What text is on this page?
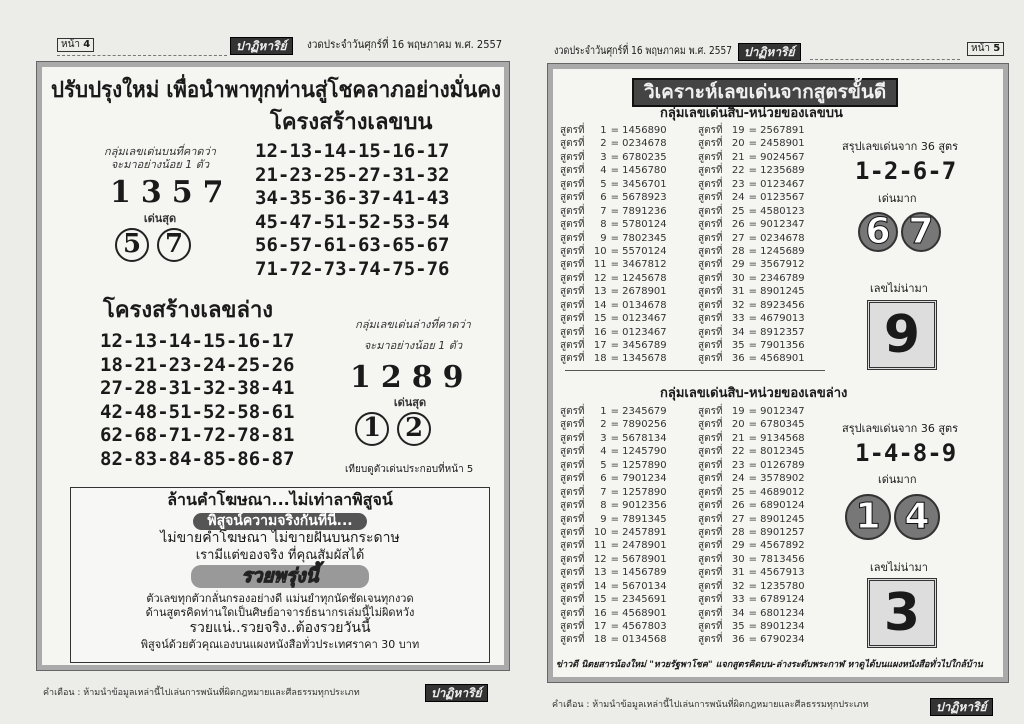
หน้า 4	ปาฏิหาริย์	งวดประจำวันศุกร์ที่ 16 พฤษภาคม พ.ศ. 2557
ปรับปรุงใหม่ เพื่อนำพาทุกท่านสู่โชคลาภอย่างมั่นคง
โครงสร้างเลขบน
กลุ่มเลขเด่นบนที่คาดว่า
จะมาอย่างน้อย 1 ตัว
1357
เด่นสุด
5 7
12-13-14-15-16-17
21-23-25-27-31-32
34-35-36-37-41-43
45-47-51-52-53-54
56-57-61-63-65-67
71-72-73-74-75-76
โครงสร้างเลขล่าง
12-13-14-15-16-17
18-21-23-24-25-26
27-28-31-32-38-41
42-48-51-52-58-61
62-68-71-72-78-81
82-83-84-85-86-87
กลุ่มเลขเด่นล่างที่คาดว่า
จะมาอย่างน้อย 1 ตัว
1289
เด่นสุด
1 2
เทียบดูตัวเด่นประกอบที่หน้า 5
ล้านคำโฆษณา...ไม่เท่าลาพิสูจน์
พิสูจน์ความจริงกันที่นี่...
ไม่ขายคำโฆษณา ไม่ขายฝันบนกระดาษ
เรามีแต่ของจริง ที่คุณสัมผัสได้
รวยพรุ่งนี้
ตัวเลขทุกตัวกลั่นกรองอย่างดี แม่นยำทุกนัดชัดเจนทุกงวด
ด้านสูตรคิดท่านใดเป็นศิษย์อาจารย์ธนากรเล่มนี้ไม่ผิดหวัง
รวยแน่..รวยจริง..ต้องรวยวันนี้
พิสูจน์ด้วยตัวคุณเองบนแผงหนังสือทั่วประเทศราคา 30 บาท
คำเตือน : ห้ามนำข้อมูลเหล่านี้ไปเล่นการพนันที่ผิดกฎหมายและศีลธรรมทุกประเภท	ปาฏิหาริย์
งวดประจำวันศุกร์ที่ 16 พฤษภาคม พ.ศ. 2557	ปาฏิหาริย์	หน้า 5
วิเคราะห์เลขเด่นจากสูตรขั้นดี
กลุ่มเลขเด่นสิบ-หน่วยของเลขบน
สูตรที่ 1 = 1456890
สูตรที่ 2 = 0234678
สูตรที่ 3 = 6780235
สูตรที่ 4 = 1456780
สูตรที่ 5 = 3456701
สูตรที่ 6 = 5678923
สูตรที่ 7 = 7891236
สูตรที่ 8 = 5780124
สูตรที่ 9 = 7802345
สูตรที่ 10 = 5570124
สูตรที่ 11 = 3467812
สูตรที่ 12 = 1245678
สูตรที่ 13 = 2678901
สูตรที่ 14 = 0134678
สูตรที่ 15 = 0123467
สูตรที่ 16 = 0123467
สูตรที่ 17 = 3456789
สูตรที่ 18 = 1345678
สูตรที่ 19 = 2567891
สูตรที่ 20 = 2458901
สูตรที่ 21 = 9024567
สูตรที่ 22 = 1235689
สูตรที่ 23 = 0123467
สูตรที่ 24 = 0123567
สูตรที่ 25 = 4580123
สูตรที่ 26 = 9012347
สูตรที่ 27 = 0234678
สูตรที่ 28 = 1245689
สูตรที่ 29 = 3567912
สูตรที่ 30 = 2346789
สูตรที่ 31 = 8901245
สูตรที่ 32 = 8923456
สูตรที่ 33 = 4679013
สูตรที่ 34 = 8912357
สูตรที่ 35 = 7901356
สูตรที่ 36 = 4568901
สรุปเลขเด่นจาก 36 สูตร
1-2-6-7
เด่นมาก
6 7
เลขไม่น่ามา
9
กลุ่มเลขเด่นสิบ-หน่วยของเลขล่าง
สูตรที่ 1 = 2345679
สูตรที่ 2 = 7890256
สูตรที่ 3 = 5678134
สูตรที่ 4 = 1245790
สูตรที่ 5 = 1257890
สูตรที่ 6 = 7901234
สูตรที่ 7 = 1257890
สูตรที่ 8 = 9012356
สูตรที่ 9 = 7891345
สูตรที่ 10 = 2457891
สูตรที่ 11 = 2478901
สูตรที่ 12 = 5678901
สูตรที่ 13 = 1456789
สูตรที่ 14 = 5670134
สูตรที่ 15 = 2345691
สูตรที่ 16 = 4568901
สูตรที่ 17 = 4567803
สูตรที่ 18 = 0134568
สูตรที่ 19 = 9012347
สูตรที่ 20 = 6780345
สูตรที่ 21 = 9134568
สูตรที่ 22 = 8012345
สูตรที่ 23 = 0126789
สูตรที่ 24 = 3578902
สูตรที่ 25 = 4689012
สูตรที่ 26 = 6890124
สูตรที่ 27 = 8901245
สูตรที่ 28 = 8901257
สูตรที่ 29 = 4567892
สูตรที่ 30 = 7813456
สูตรที่ 31 = 4567913
สูตรที่ 32 = 1235780
สูตรที่ 33 = 6789124
สูตรที่ 34 = 6801234
สูตรที่ 35 = 8901234
สูตรที่ 36 = 6790234
สรุปเลขเด่นจาก 36 สูตร
1-4-8-9
เด่นมาก
1 4
เลขไม่น่ามา
3
ข่าวดี นิตยสารน้องใหม่ "หวยรัฐพาโชค" แจกสูตรคิดบน-ล่างระดับพระกาฬ หาดูได้บนแผงหนังสือทั่วไปใกล้บ้าน
คำเตือน : ห้ามนำข้อมูลเหล่านี้ไปเล่นการพนันที่ผิดกฎหมายและศีลธรรมทุกประเภท	ปาฏิหาริย์
